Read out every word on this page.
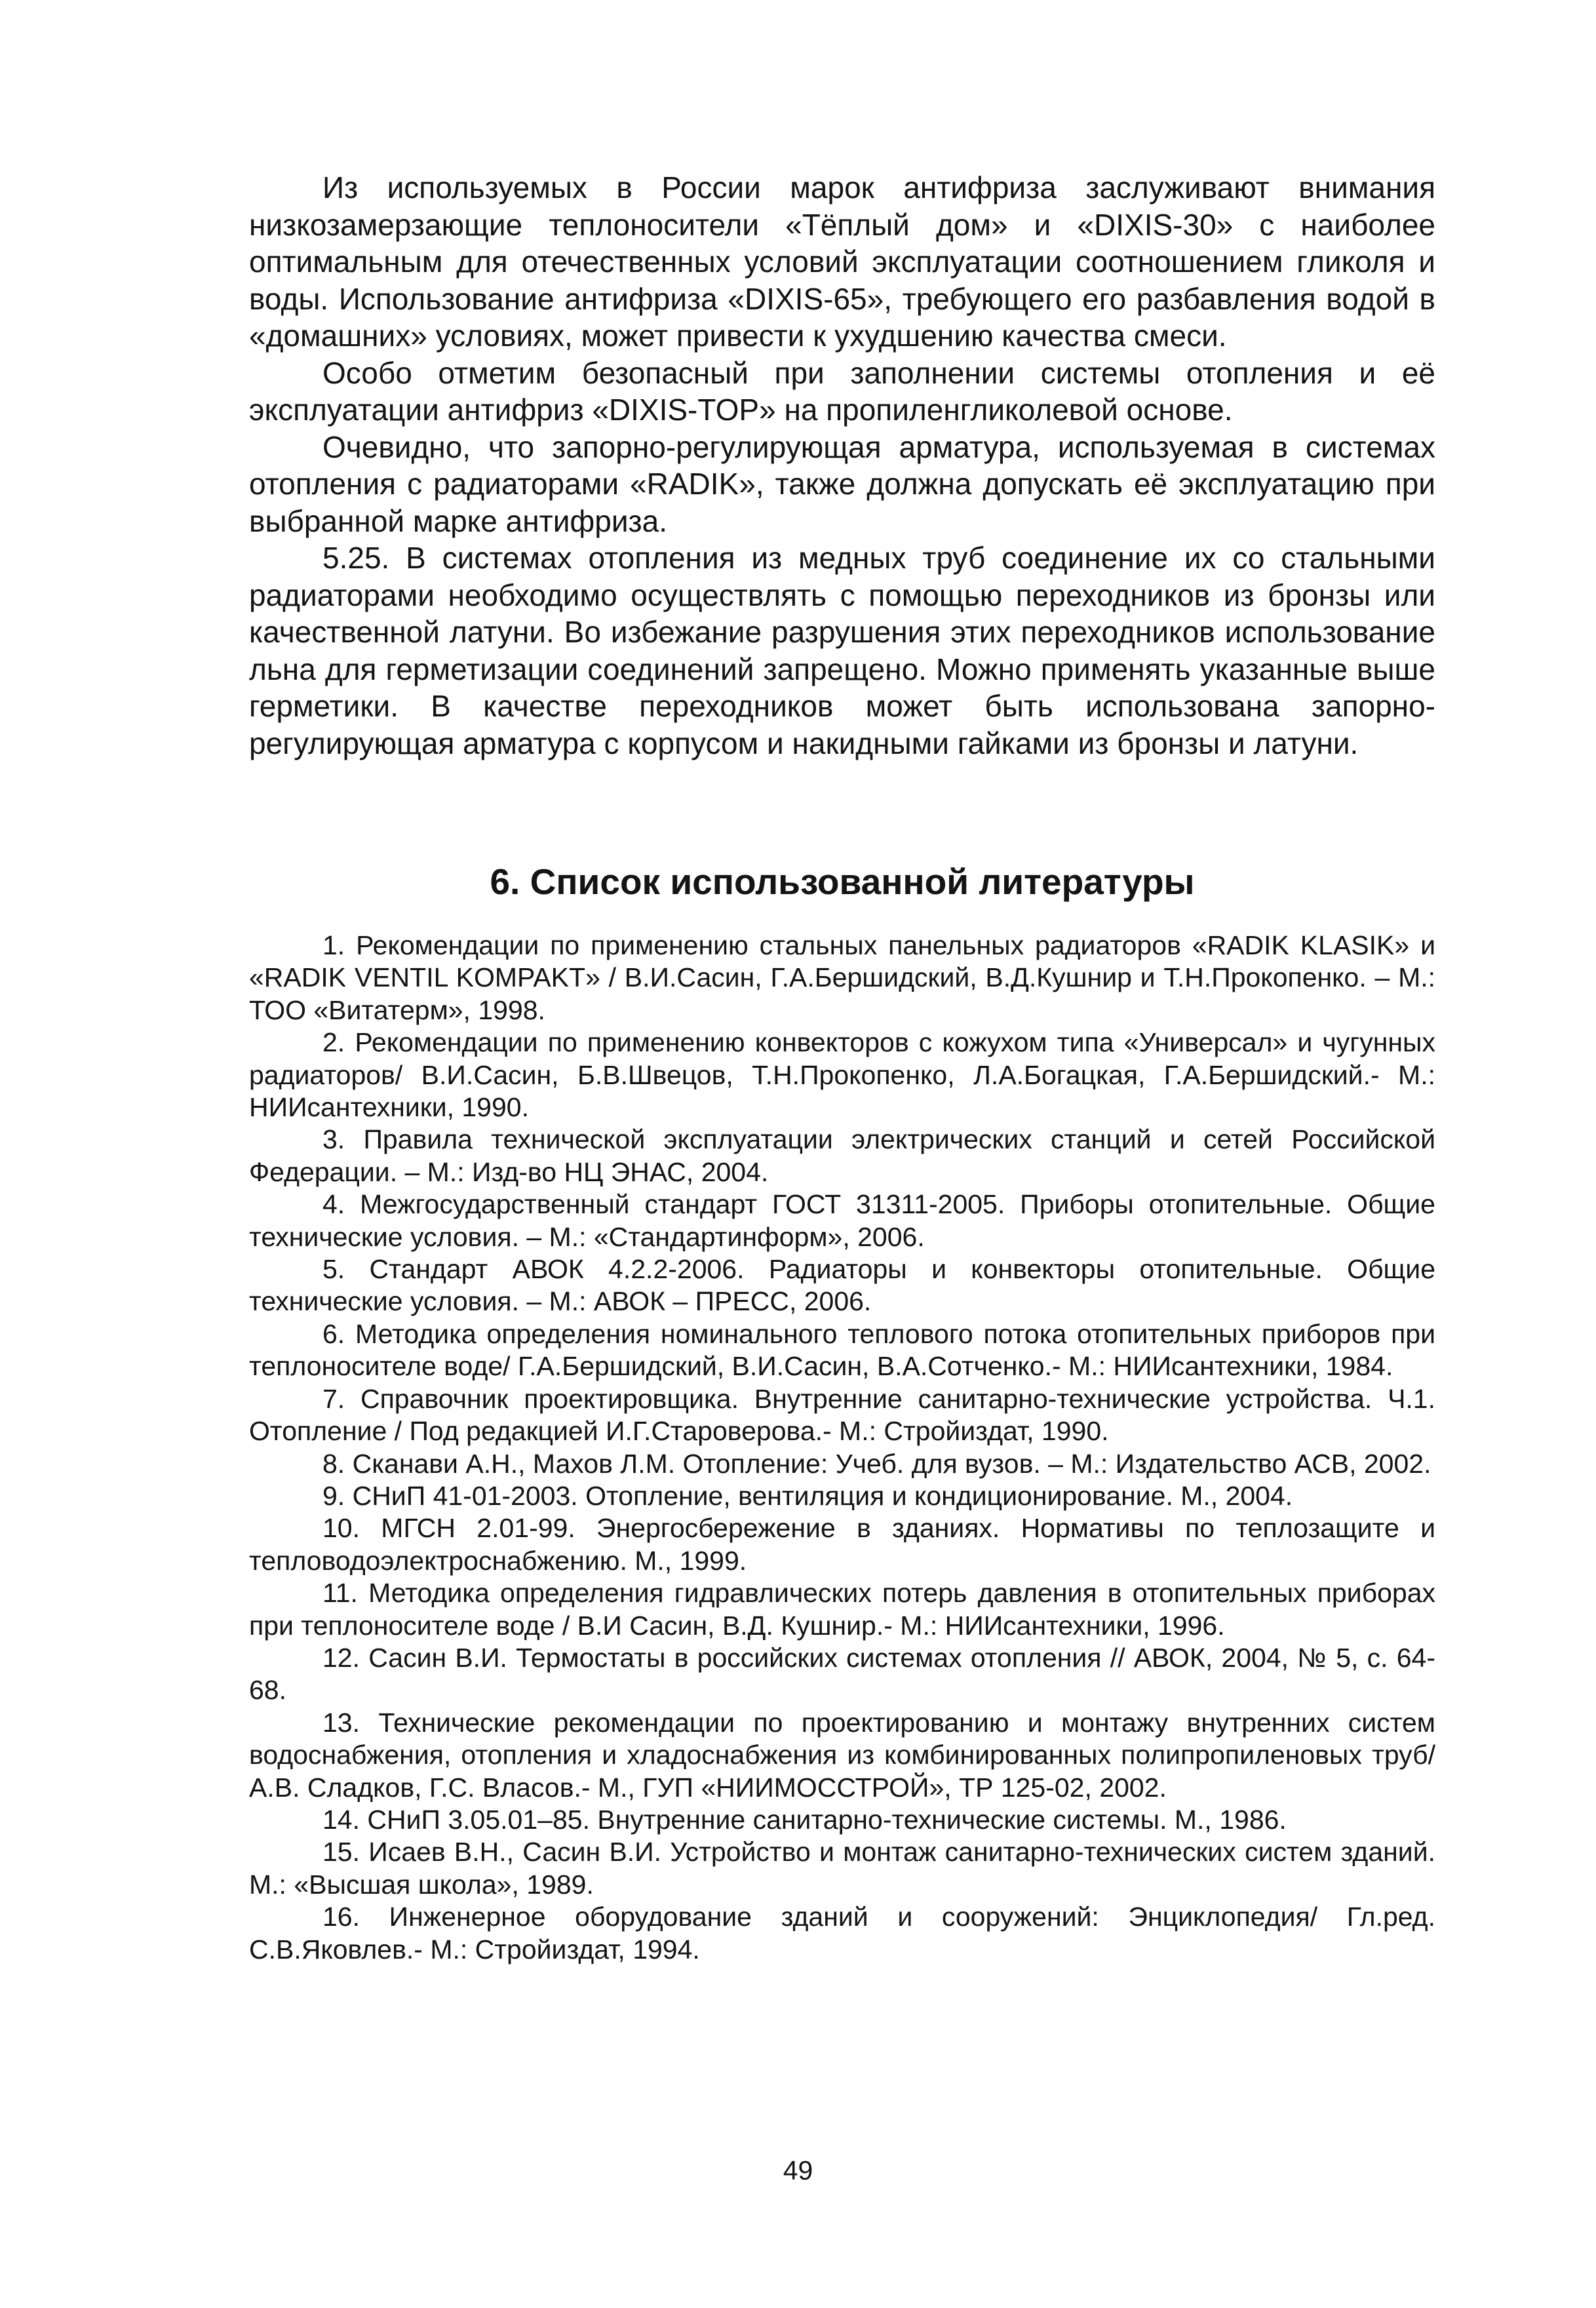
Из используемых в России марок антифриза заслуживают внимания низкозамерзающие теплоносители «Тёплый дом» и «DIXIS-30» с наиболее оптимальным для отечественных условий эксплуатации соотношением гликоля и воды. Использование антифриза «DIXIS-65», требующего его разбавления водой в «домашних» условиях, может привести к ухудшению качества смеси.

Особо отметим безопасный при заполнении системы отопления и её эксплуатации антифриз «DIXIS-TOP» на пропиленгликолевой основе.

Очевидно, что запорно-регулирующая арматура, используемая в системах отопления с радиаторами «RADIK», также должна допускать её эксплуатацию при выбранной марке антифриза.

5.25. В системах отопления из медных труб соединение их со стальными радиаторами необходимо осуществлять с помощью переходников из бронзы или качественной латуни. Во избежание разрушения этих переходников использование льна для герметизации соединений запрещено. Можно применять указанные выше герметики. В качестве переходников может быть использована запорно-регулирующая арматура с корпусом и накидными гайками из бронзы и латуни.

6. Список использованной литературы

1. Рекомендации по применению стальных панельных радиаторов «RADIK KLASIK» и «RADIK VENTIL KOMPAKT» / В.И.Сасин, Г.А.Бершидский, В.Д.Кушнир и Т.Н.Прокопенко. – М.: ТОО «Витатерм», 1998.

2. Рекомендации по применению конвекторов с кожухом типа «Универсал» и чугунных радиаторов/ В.И.Сасин, Б.В.Швецов, Т.Н.Прокопенко, Л.А.Богацкая, Г.А.Бершидский.- М.: НИИсантехники, 1990.

3. Правила технической эксплуатации электрических станций и сетей Российской Федерации. – М.: Изд-во НЦ ЭНАС, 2004.

4. Межгосударственный стандарт ГОСТ 31311-2005. Приборы отопительные. Общие технические условия. – М.: «Стандартинформ», 2006.

5. Стандарт АВОК 4.2.2-2006. Радиаторы и конвекторы отопительные. Общие технические условия. – М.: АВОК – ПРЕСС, 2006.

6. Методика определения номинального теплового потока отопительных приборов при теплоносителе воде/ Г.А.Бершидский, В.И.Сасин, В.А.Сотченко.- М.: НИИсантехники, 1984.

7. Справочник проектировщика. Внутренние санитарно-технические устройства. Ч.1. Отопление / Под редакцией И.Г.Староверова.- М.: Стройиздат, 1990.

8. Сканави А.Н., Махов Л.М. Отопление: Учеб. для вузов. – М.: Издательство АСВ, 2002.

9. СНиП 41-01-2003. Отопление, вентиляция и кондиционирование. М., 2004.

10. МГСН 2.01-99. Энергосбережение в зданиях. Нормативы по теплозащите и тепловодоэлектроснабжению. М., 1999.

11. Методика определения гидравлических потерь давления в отопительных приборах при теплоносителе воде / В.И Сасин, В.Д. Кушнир.- М.: НИИсантехники, 1996.

12. Сасин В.И. Термостаты в российских системах отопления // АВОК, 2004, № 5, с. 64-68.

13. Технические рекомендации по проектированию и монтажу внутренних систем водоснабжения, отопления и хладоснабжения из комбинированных полипропиленовых труб/ А.В. Сладков, Г.С. Власов.- М., ГУП «НИИМОССТРОЙ», ТР 125-02, 2002.

14. СНиП 3.05.01–85. Внутренние санитарно-технические системы. М., 1986.

15. Исаев В.Н., Сасин В.И. Устройство и монтаж санитарно-технических систем зданий. М.: «Высшая школа», 1989.

16. Инженерное оборудование зданий и сооружений: Энциклопедия/ Гл.ред. С.В.Яковлев.- М.: Стройиздат, 1994.

49
